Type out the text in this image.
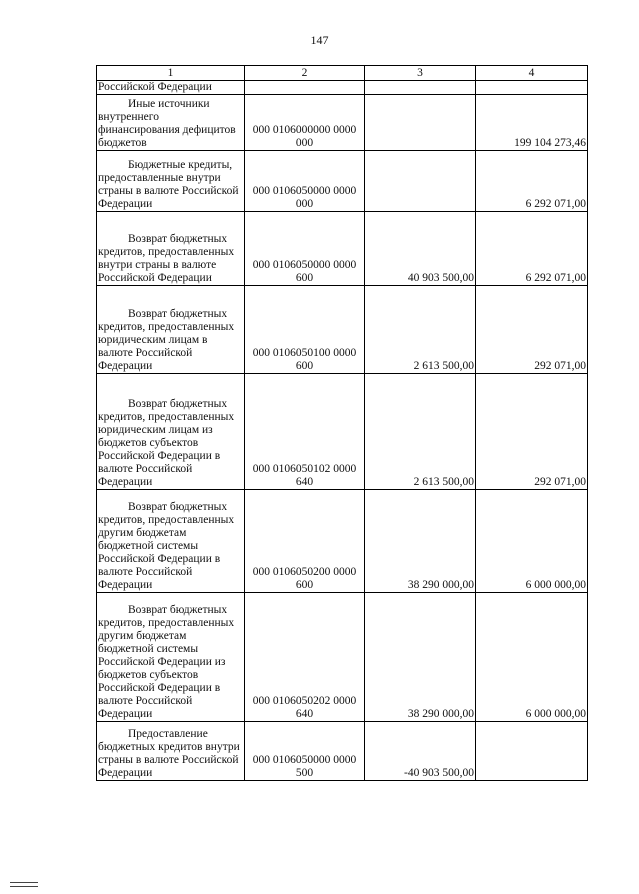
147
1	2	3	4
Российской Федерации			

Иные источники
внутреннего финансирования дефицитов бюджетов	000 0106000000 0000 000		199 104 273,46

Бюджетные кредиты,
предоставленные внутри страны в валюте Российской Федерации	000 0106050000 0000 000		6 292 071,00

Возврат бюджетных
кредитов, предоставленных внутри страны в валюте Российской Федерации	000 0106050000 0000 600	40 903 500,00	6 292 071,00

Возврат бюджетных
кредитов, предоставленных юридическим лицам в валюте Российской Федерации	000 0106050100 0000 600	2 613 500,00	292 071,00

Возврат бюджетных
кредитов, предоставленных юридическим лицам из бюджетов субъектов Российской Федерации в валюте Российской Федерации	000 0106050102 0000 640	2 613 500,00	292 071,00

Возврат бюджетных
кредитов, предоставленных другим бюджетам бюджетной системы Российской Федерации в валюте Российской Федерации	000 0106050200 0000 600	38 290 000,00	6 000 000,00

Возврат бюджетных
кредитов, предоставленных другим бюджетам бюджетной системы Российской Федерации из бюджетов субъектов Российской Федерации в валюте Российской Федерации	000 0106050202 0000 640	38 290 000,00	6 000 000,00

Предоставление
бюджетных кредитов внутри страны в валюте Российской Федерации	000 0106050000 0000 500	-40 903 500,00	
